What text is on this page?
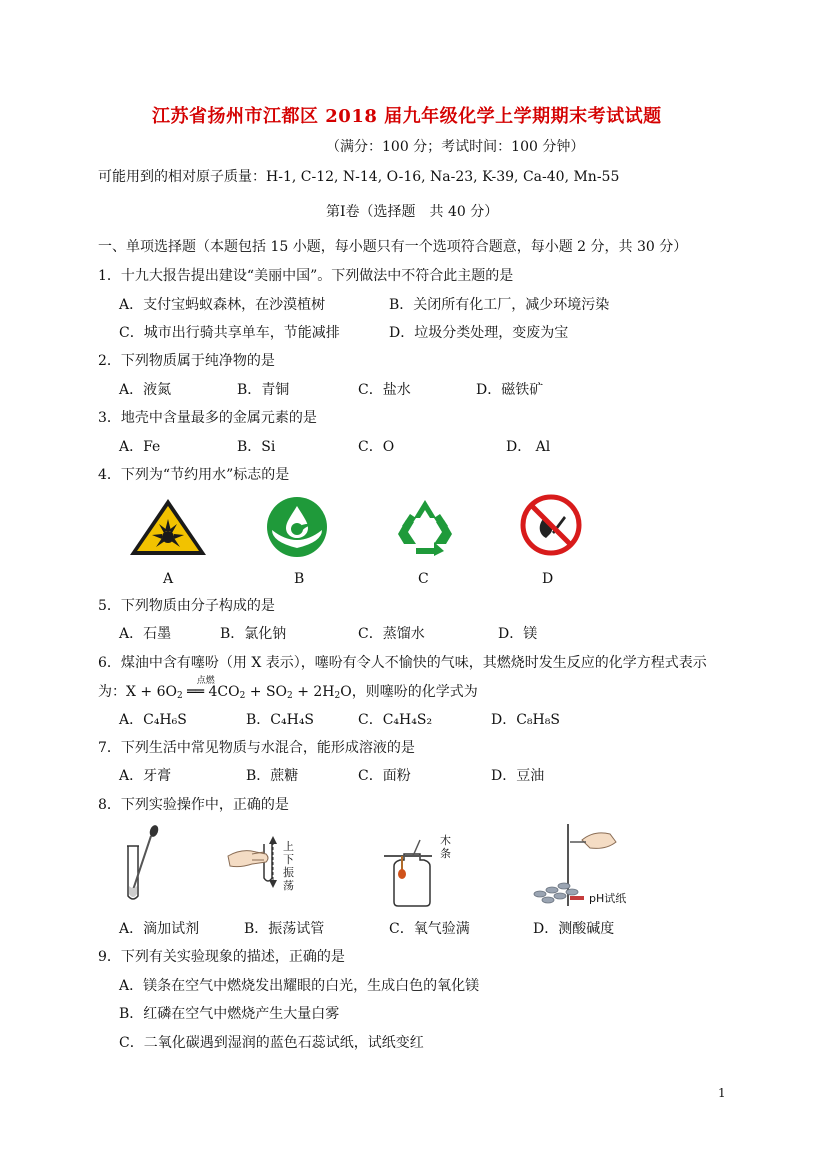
江苏省扬州市江都区 2018 届九年级化学上学期期末考试试题
（满分：100 分；考试时间：100 分钟）
可能用到的相对原子质量：H-1, C-12, N-14, O-16, Na-23, K-39, Ca-40, Mn-55
第Ⅰ卷（选择题　共 40 分）
一、单项选择题（本题包括 15 小题，每小题只有一个选项符合题意，每小题 2 分，共 30 分）
1．十九大报告提出建设“美丽中国”。下列做法中不符合此主题的是
A．支付宝蚂蚁森林，在沙漠植树	B．关闭所有化工厂，减少环境污染
C．城市出行骑共享单车，节能减排	D．垃圾分类处理，变废为宝
2．下列物质属于纯净物的是
A．液氮	B．青铜	C．盐水	D．磁铁矿
3．地壳中含量最多的金属元素的是
A．Fe	B．Si	C．O	D． Al
4．下列为“节约用水”标志的是
A	B	C	D
5．下列物质由分子构成的是
A．石墨	B．氯化钠	C．蒸馏水	D．镁
6．煤油中含有噻吩（用 X 表示），噻吩有令人不愉快的气味，其燃烧时发生反应的化学方程式表示
为：$X + 6O_2$ ══
点燃
$4CO_2 + SO_2 + 2H_2O$，则噻吩的化学式为
A．C₄H₆S	B．C₄H₄S	C．C₄H₄S₂	D．C₈H₈S
7．下列生活中常见物质与水混合，能形成溶液的是
A．牙膏	B．蔗糖	C．面粉	D．豆油
8．下列实验操作中，正确的是
A．滴加试剂
上
下
振
荡
B．振荡试管
木
条
C．氧气验满
pH试纸
D．测酸碱度
9．下列有关实验现象的描述，正确的是
A．镁条在空气中燃烧发出耀眼的白光，生成白色的氧化镁
B．红磷在空气中燃烧产生大量白雾
C．二氧化碳遇到湿润的蓝色石蕊试纸，试纸变红
1
